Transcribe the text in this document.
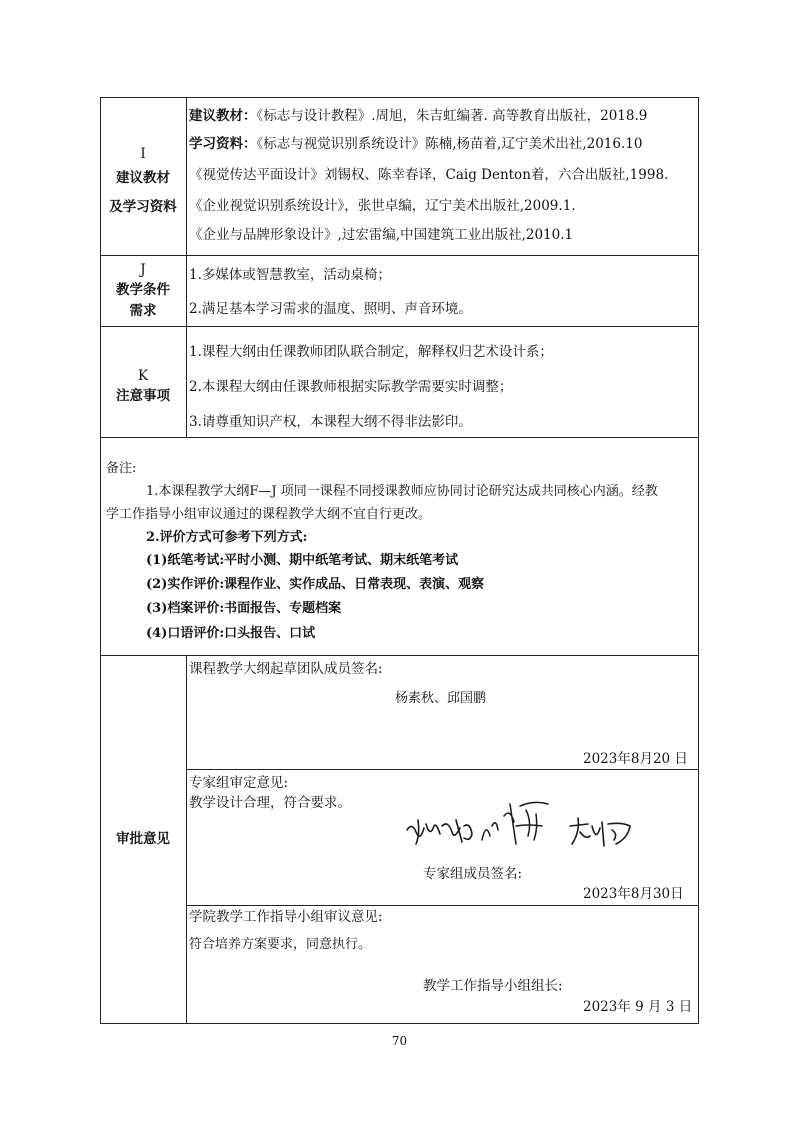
I
建议教材
及学习资料
建议教材：《标志与设计教程》.周旭，朱吉虹编著. 高等教育出版社，2018.9
学习资料：《标志与视觉识别系统设计》陈楠,杨苗着,辽宁美术出社,2016.10
《视觉传达平面设计》刘锡权、陈幸春译，Caig Denton着，六合出版社,1998.
《企业视觉识别系统设计》，张世卓编，辽宁美术出版社,2009.1.
《企业与品牌形象设计》,过宏雷编,中国建筑工业出版社,2010.1
J
教学条件
需求
1.多媒体或智慧教室，活动桌椅；
2.满足基本学习需求的温度、照明、声音环境。
K
注意事项
1.课程大纲由任课教师团队联合制定，解释权归艺术设计系；
2.本课程大纲由任课教师根据实际教学需要实时调整；
3.请尊重知识产权，本课程大纲不得非法影印。
备注:
1.本课程教学大纲F—J 项同一课程不同授课教师应协同讨论研究达成共同核心内涵。经教
学工作指导小组审议通过的课程教学大纲不宜自行更改。
2.评价方式可参考下列方式:
(1)纸笔考试:平时小测、期中纸笔考试、期末纸笔考试
(2)实作评价:课程作业、实作成品、日常表现、表演、观察
(3)档案评价:书面报告、专题档案
(4)口语评价:口头报告、口试
审批意见
课程教学大纲起草团队成员签名:
杨素秋、邱国鹏
2023年8月20 日
专家组审定意见:
教学设计合理，符合要求。
专家组成员签名:
2023年8月30日
学院教学工作指导小组审议意见:
符合培养方案要求，同意执行。
教学工作指导小组组长:
2023年 9 月 3 日
70
